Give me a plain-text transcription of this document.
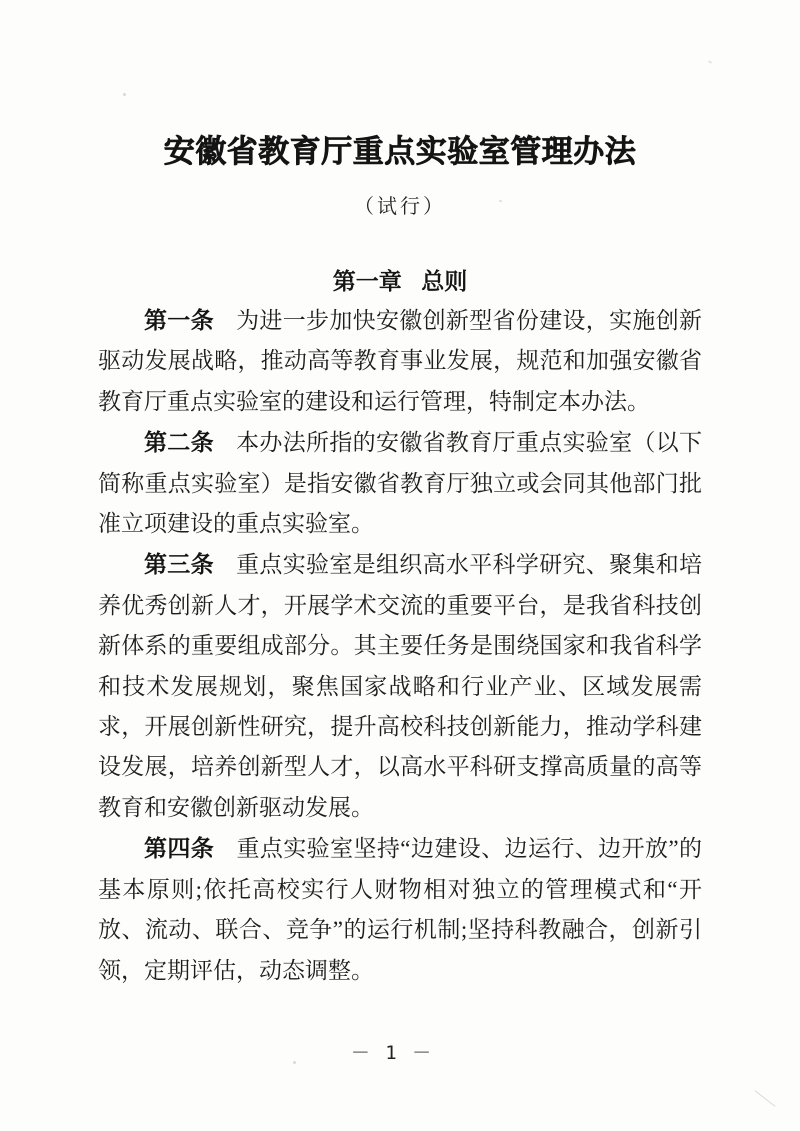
安徽省教育厅重点实验室管理办法
（试行）
第一章 总则

第一条 为进一步加快安徽创新型省份建设，实施创新驱动发展战略，推动高等教育事业发展，规范和加强安徽省教育厅重点实验室的建设和运行管理，特制定本办法。

第二条 本办法所指的安徽省教育厅重点实验室（以下简称重点实验室）是指安徽省教育厅独立或会同其他部门批准立项建设的重点实验室。

第三条 重点实验室是组织高水平科学研究、聚集和培养优秀创新人才，开展学术交流的重要平台，是我省科技创新体系的重要组成部分。其主要任务是围绕国家和我省科学和技术发展规划，聚焦国家战略和行业产业、区域发展需求，开展创新性研究，提升高校科技创新能力，推动学科建设发展，培养创新型人才，以高水平科研支撑高质量的高等教育和安徽创新驱动发展。

第四条 重点实验室坚持“边建设、边运行、边开放”的基本原则;依托高校实行人财物相对独立的管理模式和“开放、流动、联合、竞争”的运行机制;坚持科教融合，创新引领，定期评估，动态调整。

－ 1 －
